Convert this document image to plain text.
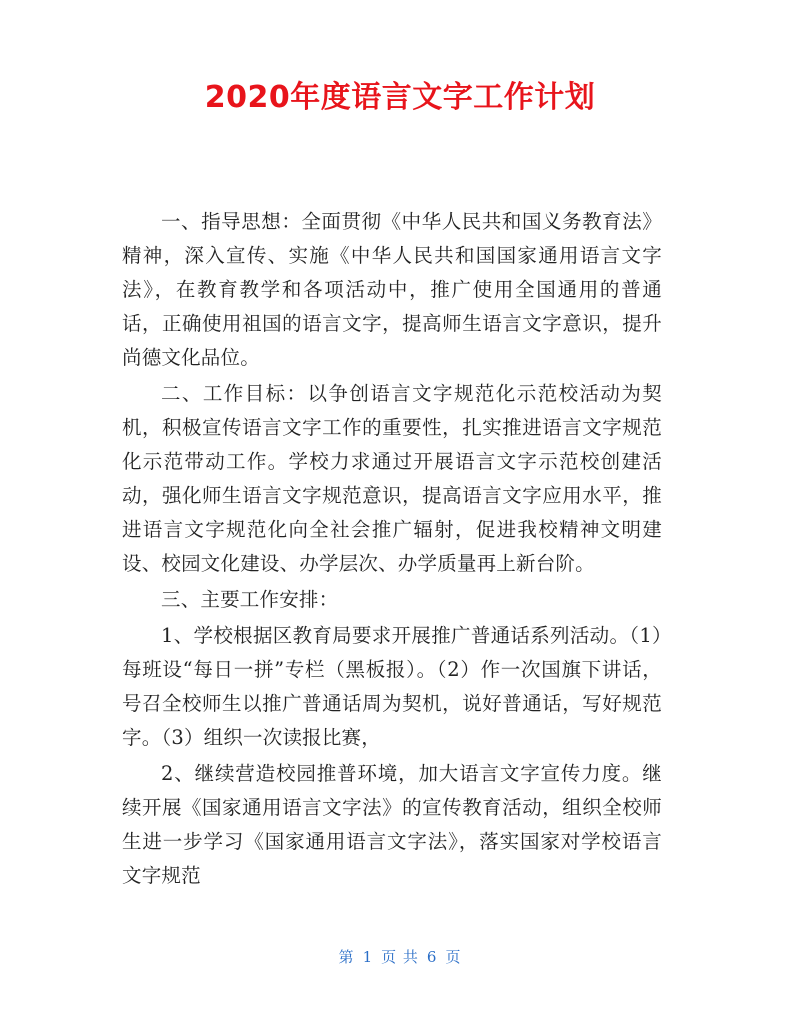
2020年度语言文字工作计划

一、指导思想：全面贯彻《中华人民共和国义务教育法》精神，深入宣传、实施《中华人民共和国国家通用语言文字法》，在教育教学和各项活动中，推广使用全国通用的普通话，正确使用祖国的语言文字，提高师生语言文字意识，提升尚德文化品位。

二、工作目标：以争创语言文字规范化示范校活动为契机，积极宣传语言文字工作的重要性，扎实推进语言文字规范化示范带动工作。学校力求通过开展语言文字示范校创建活动，强化师生语言文字规范意识，提高语言文字应用水平，推进语言文字规范化向全社会推广辐射，促进我校精神文明建设、校园文化建设、办学层次、办学质量再上新台阶。

三、主要工作安排：

1、学校根据区教育局要求开展推广普通话系列活动。（1）每班设“每日一拼”专栏（黑板报）。（2）作一次国旗下讲话，号召全校师生以推广普通话周为契机，说好普通话，写好规范字。（3）组织一次读报比赛，

2、继续营造校园推普环境，加大语言文字宣传力度。继续开展《国家通用语言文字法》的宣传教育活动，组织全校师生进一步学习《国家通用语言文字法》，落实国家对学校语言文字规范

第 1 页 共 6 页
